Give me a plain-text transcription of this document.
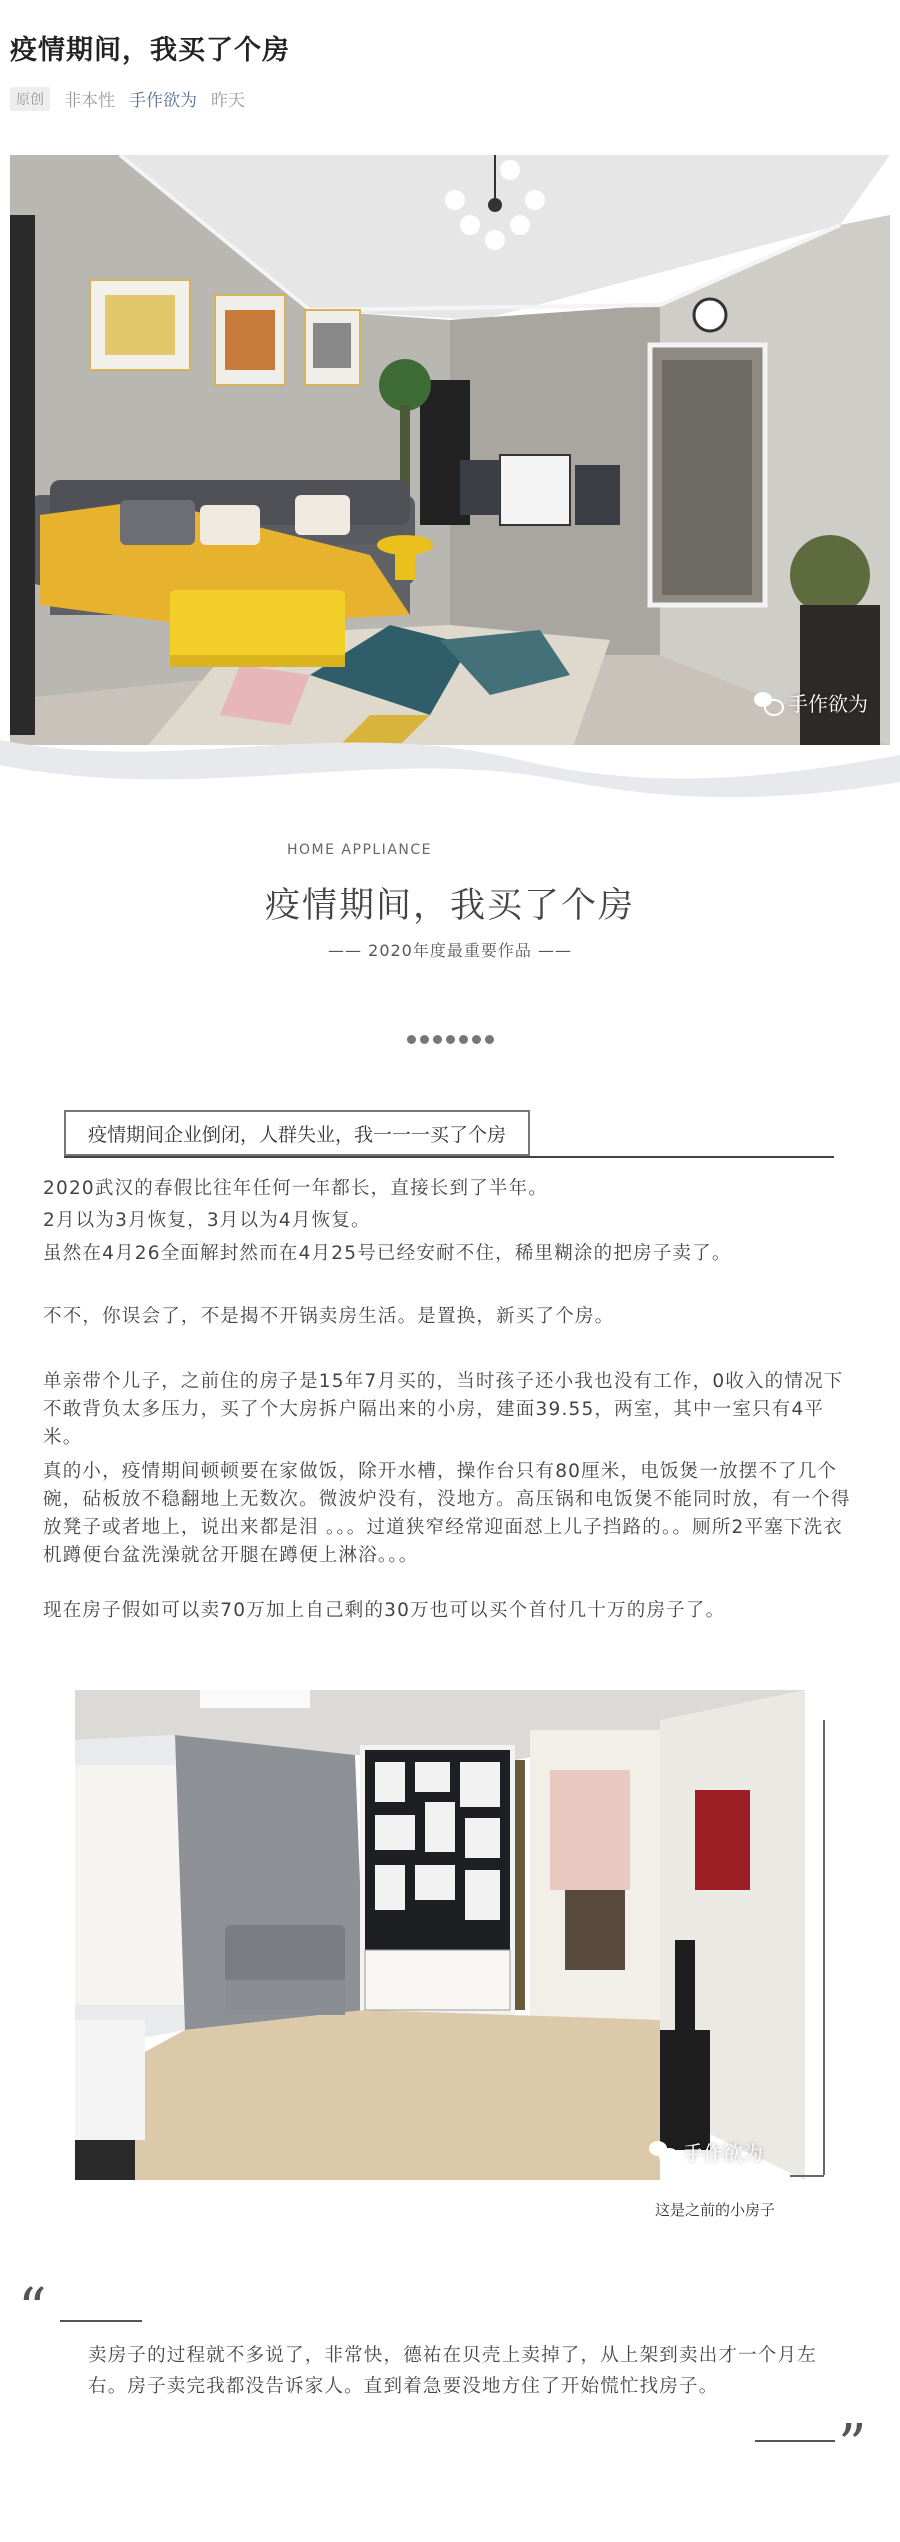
疫情期间，我买了个房
原创	非本性 手作欲为 昨天
手作欲为
HOME APPLIANCE
疫情期间，我买了个房
—— 2020年度最重要作品 ——
疫情期间企业倒闭，人群失业，我一一一买了个房

2020武汉的春假比往年任何一年都长，直接长到了半年。

2月以为3月恢复，3月以为4月恢复。

虽然在4月26全面解封然而在4月25号已经安耐不住，稀里糊涂的把房子卖了。

不不，你误会了，不是揭不开锅卖房生活。是置换，新买了个房。

单亲带个儿子，之前住的房子是15年7月买的，当时孩子还小我也没有工作，0收入的情况下不敢背负太多压力，买了个大房拆户隔出来的小房，建面39.55，两室，其中一室只有4平米。

真的小，疫情期间顿顿要在家做饭，除开水槽，操作台只有80厘米，电饭煲一放摆不了几个碗，砧板放不稳翻地上无数次。微波炉没有，没地方。高压锅和电饭煲不能同时放，有一个得放凳子或者地上，说出来都是泪 。。。过道狭窄经常迎面怼上儿子挡路的。。厕所2平塞下洗衣机蹲便台盆洗澡就岔开腿在蹲便上淋浴。。。

现在房子假如可以卖70万加上自己剩的30万也可以买个首付几十万的房子了。

手作欲为
这是之前的小房子
“

卖房子的过程就不多说了，非常快，德祐在贝壳上卖掉了，从上架到卖出才一个月左右。房子卖完我都没告诉家人。直到着急要没地方住了开始慌忙找房子。

”
